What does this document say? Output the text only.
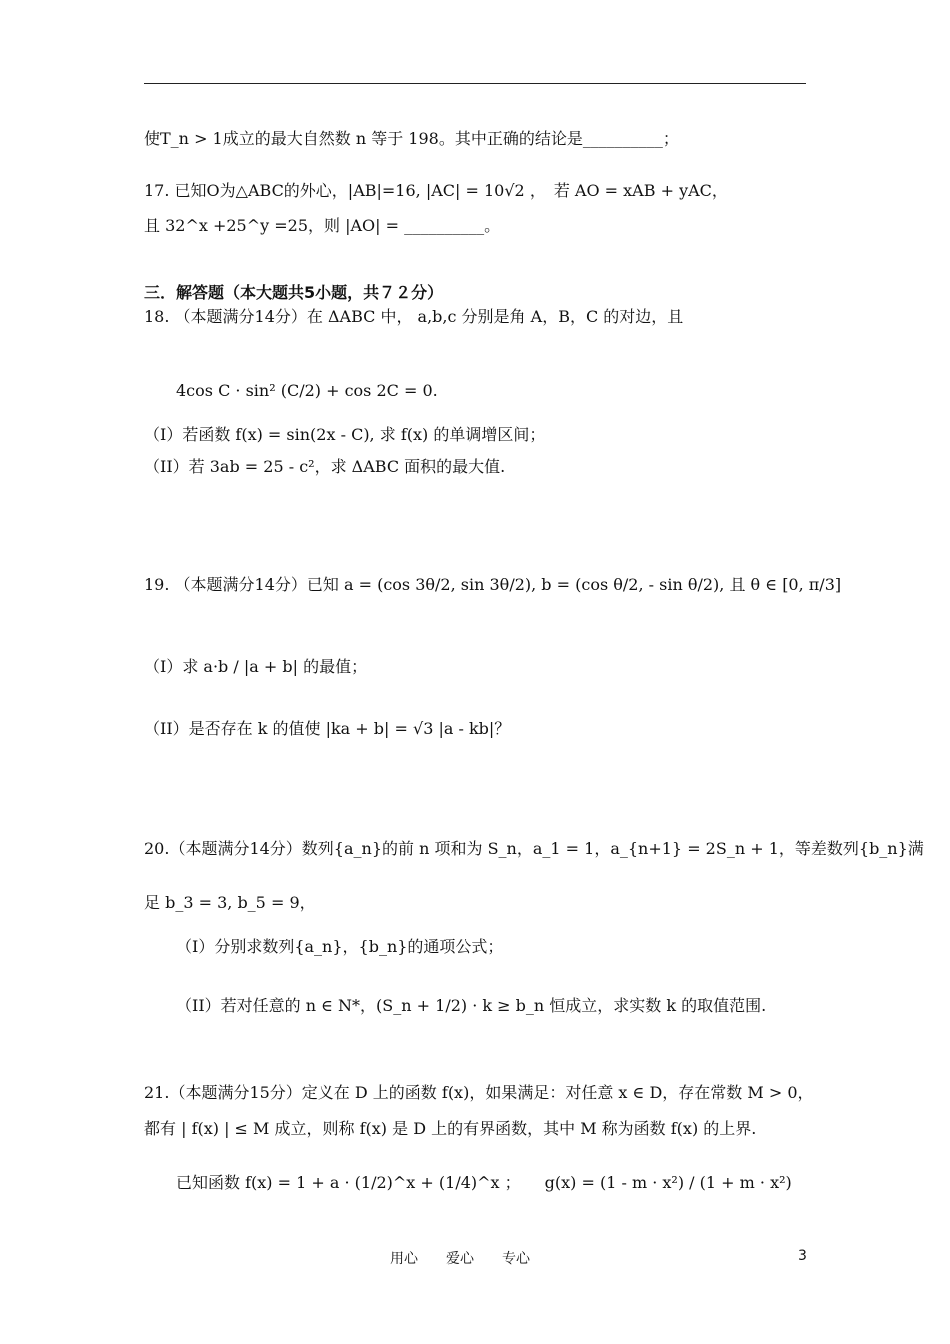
使T_n > 1成立的最大自然数 n 等于 198。其中正确的结论是__________；
17. 已知O为△ABC的外心，|AB|=16, |AC| = 10√2 ，　若 AO = xAB + yAC，
且 32^x +25^y =25，则 |AO| = __________。
三．解答题（本大题共5小题，共７２分）
18. （本题满分14分）在 ΔABC 中， a,b,c 分别是角 A，B，C 的对边，且
4cos C · sin² (C/2) + cos 2C = 0.
（I）若函数 f(x) = sin(2x - C), 求 f(x) 的单调增区间；
（II）若 3ab = 25 - c²，求 ΔABC 面积的最大值.
19. （本题满分14分）已知 a = (cos 3θ/2, sin 3θ/2), b = (cos θ/2, - sin θ/2), 且 θ ∈ [0, π/3]
（I）求 a·b / |a + b| 的最值；
（II）是否存在 k 的值使 |ka + b| = √3 |a - kb|？
20.（本题满分14分）数列{a_n}的前 n 项和为 S_n，a_1 = 1，a_{n+1} = 2S_n + 1，等差数列{b_n}满
足 b_3 = 3, b_5 = 9，
（I）分别求数列{a_n}，{b_n}的通项公式；
（II）若对任意的 n ∈ N*，(S_n + 1/2) · k ≥ b_n 恒成立，求实数 k 的取值范围.
21.（本题满分15分）定义在 D 上的函数 f(x)，如果满足：对任意 x ∈ D，存在常数 M > 0，
都有 | f(x) | ≤ M 成立，则称 f(x) 是 D 上的有界函数，其中 M 称为函数 f(x) 的上界.
已知函数 f(x) = 1 + a · (1/2)^x + (1/4)^x ；　　g(x) = (1 - m · x²) / (1 + m · x²)
用心　　爱心　　专心	3
